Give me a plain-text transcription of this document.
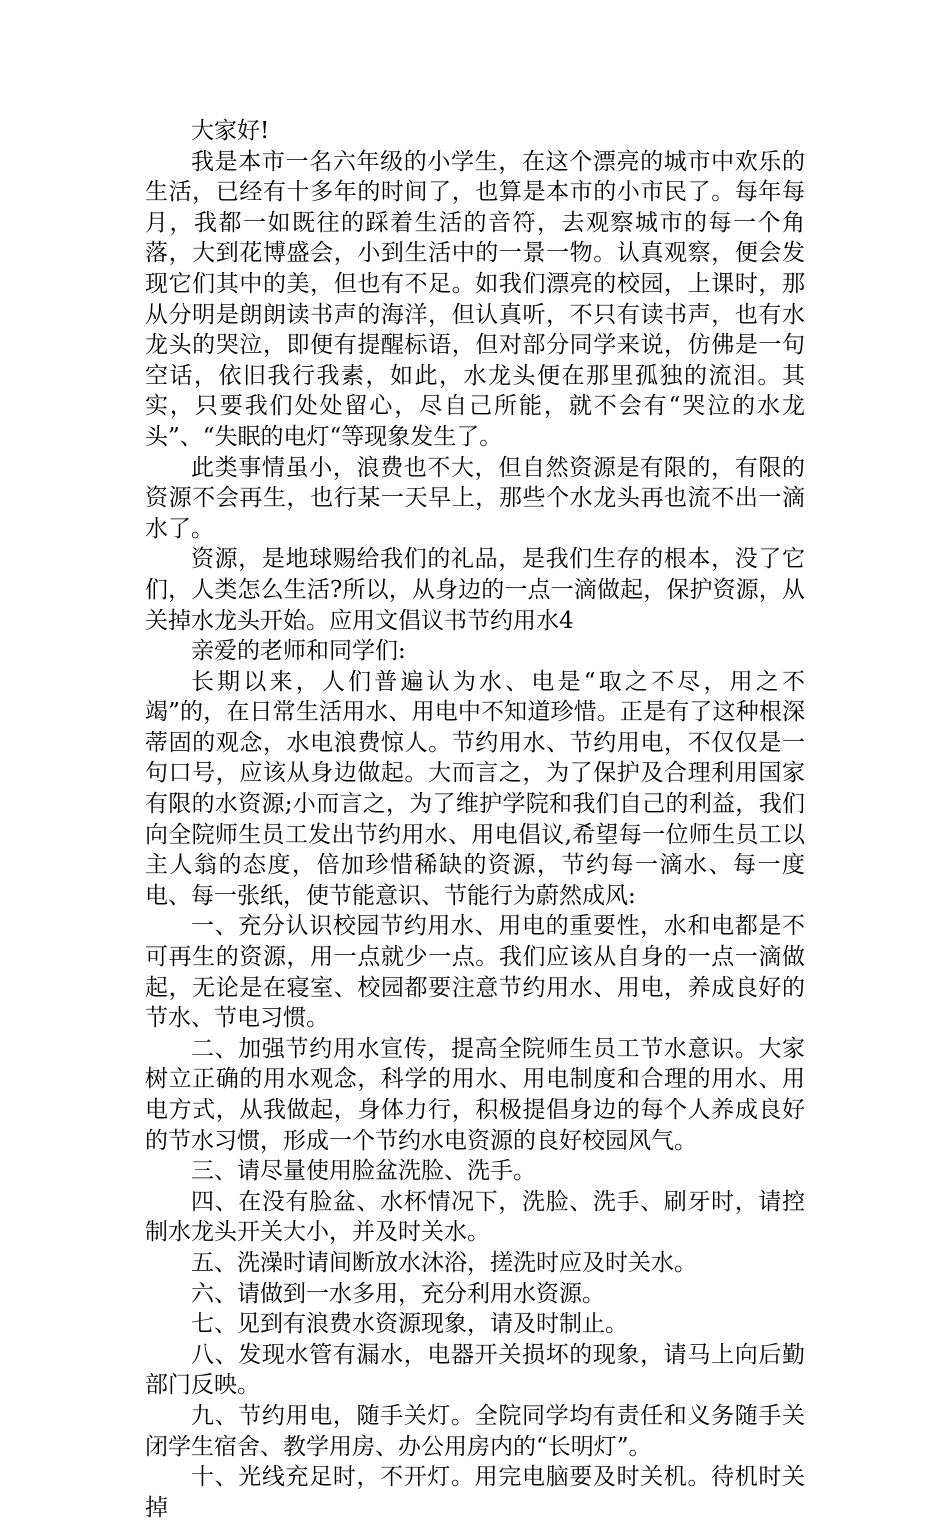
大家好!

我是本市一名六年级的小学生，在这个漂亮的城市中欢乐的生活，已经有十多年的时间了，也算是本市的小市民了。每年每月，我都一如既往的踩着生活的音符，去观察城市的每一个角落，大到花博盛会，小到生活中的一景一物。认真观察，便会发现它们其中的美，但也有不足。如我们漂亮的校园，上课时，那从分明是朗朗读书声的海洋，但认真听，不只有读书声，也有水龙头的哭泣，即便有提醒标语，但对部分同学来说，仿佛是一句空话，依旧我行我素，如此，水龙头便在那里孤独的流泪。其实，只要我们处处留心，尽自己所能，就不会有“哭泣的水龙头”、“失眠的电灯“等现象发生了。

此类事情虽小，浪费也不大，但自然资源是有限的，有限的资源不会再生，也行某一天早上，那些个水龙头再也流不出一滴水了。

资源，是地球赐给我们的礼品，是我们生存的根本，没了它们，人类怎么生活?所以，从身边的一点一滴做起，保护资源，从关掉水龙头开始。应用文倡议书节约用水4

亲爱的老师和同学们:

长期以来，人们普遍认为水、电是“取之不尽，用之不竭”的，在日常生活用水、用电中不知道珍惜。正是有了这种根深蒂固的观念，水电浪费惊人。节约用水、节约用电，不仅仅是一句口号，应该从身边做起。大而言之，为了保护及合理利用国家有限的水资源;小而言之，为了维护学院和我们自己的利益，我们向全院师生员工发出节约用水、用电倡议,希望每一位师生员工以主人翁的态度，倍加珍惜稀缺的资源，节约每一滴水、每一度电、每一张纸，使节能意识、节能行为蔚然成风:

一、充分认识校园节约用水、用电的重要性，水和电都是不可再生的资源，用一点就少一点。我们应该从自身的一点一滴做起，无论是在寝室、校园都要注意节约用水、用电，养成良好的节水、节电习惯。

二、加强节约用水宣传，提高全院师生员工节水意识。大家树立正确的用水观念，科学的用水、用电制度和合理的用水、用电方式，从我做起，身体力行，积极提倡身边的每个人养成良好的节水习惯，形成一个节约水电资源的良好校园风气。

三、请尽量使用脸盆洗脸、洗手。

四、在没有脸盆、水杯情况下，洗脸、洗手、刷牙时，请控制水龙头开关大小，并及时关水。

五、洗澡时请间断放水沐浴，搓洗时应及时关水。

六、请做到一水多用，充分利用水资源。

七、见到有浪费水资源现象，请及时制止。

八、发现水管有漏水，电器开关损坏的现象，请马上向后勤部门反映。

九、节约用电，随手关灯。全院同学均有责任和义务随手关闭学生宿舍、教学用房、办公用房内的“长明灯”。

十、光线充足时，不开灯。用完电脑要及时关机。待机时关掉
